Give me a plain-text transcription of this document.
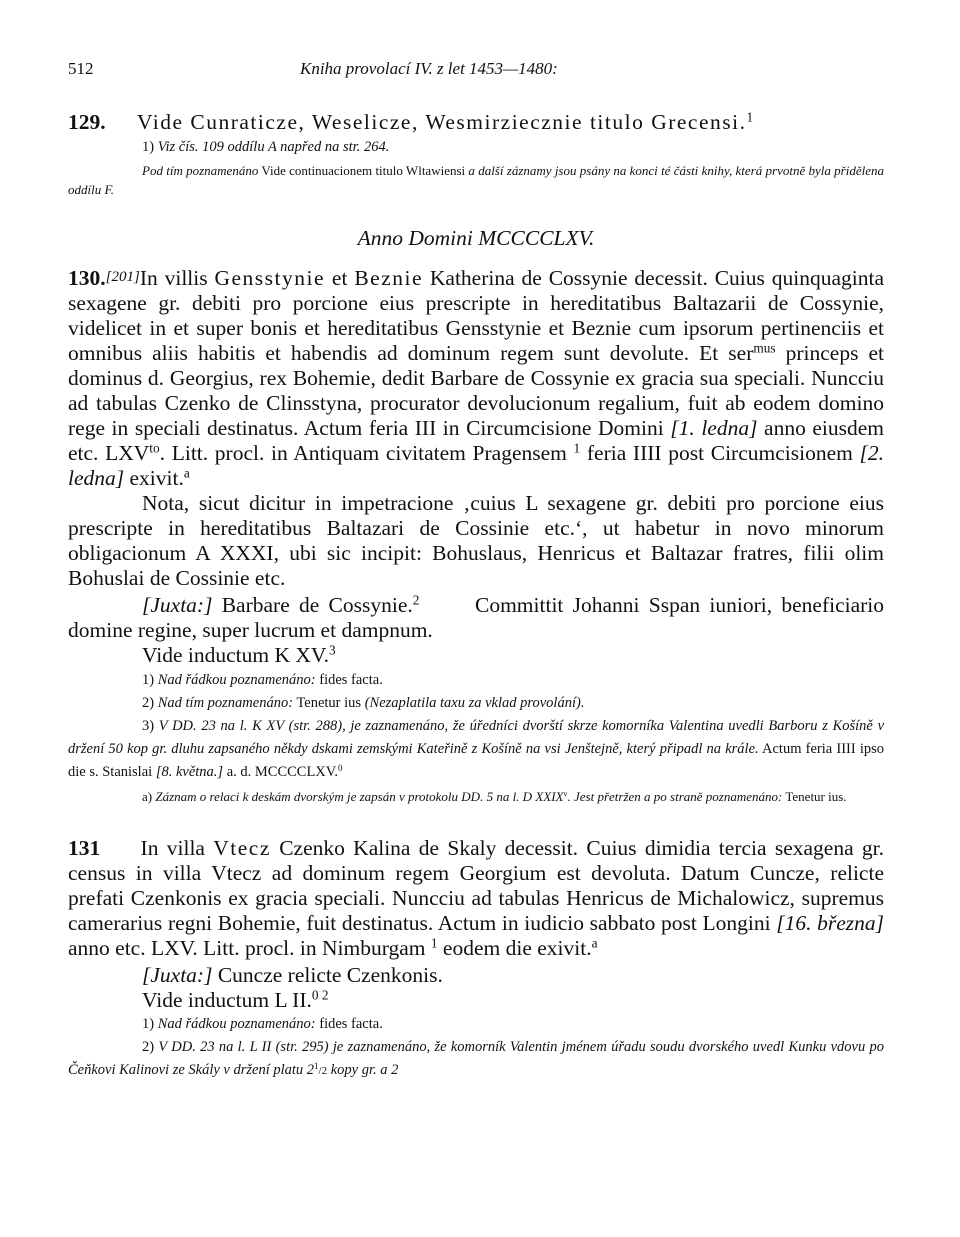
512	Kniha provolací IV. z let 1453—1480:
129. Vide Cunraticze, Weselicze, Wesmirziecznie titulo Grecensi.$^1$
1) Viz čís. 109 oddílu A napřed na str. 264.
Pod tím poznamenáno Vide continuacionem titulo Wltawiensi a další záznamy jsou psány na konci té části knihy, která prvotně byla přidělena oddílu F.
Anno Domini MCCCCLXV.
130.[201]In villis Gensstynie et Beznie Katherina de Cossynie decessit. Cuius quinquaginta sexagene gr. debiti pro porcione eius prescripte in hereditatibus Baltazarii de Cossynie, videlicet in et super bonis et hereditatibus Gensstynie et Beznie cum ipsorum pertinenciis et omnibus aliis habitis et habendis ad dominum regem sunt devolute. Et ser$^{mus}$ princeps et dominus d. Georgius, rex Bohemie, dedit Barbare de Cossynie ex gracia sua speciali. Nuncciu ad tabulas Czenko de Clinsstyna, procurator devolucionum regalium, fuit ab eodem domino rege in speciali destinatus. Actum feria III in Circumcisione Domini [1. ledna] anno eiusdem etc. $LXV^{to}$. Litt. procl. in Antiquam civitatem Pragensem $^1$ feria IIII post Circumcisionem [2. ledna] exivit.$^a$
Nota, sicut dicitur in impetracione ‚cuius L sexagene gr. debiti pro porcione eius prescripte in hereditatibus Baltazari de Cossinie etc.‘, ut habetur in novo minorum obligacionum A XXXI, ubi sic incipit: Bohuslaus, Henricus et Baltazar fratres, filii olim Bohuslai de Cossinie etc.
[Juxta:] Barbare de Cossynie.$^2$	Committit Johanni Sspan iuniori, beneficiario domine regine, super lucrum et dampnum.
Vide inductum K XV.$^3$
1) Nad řádkou poznamenáno: fides facta.
2) Nad tím poznamenáno: Tenetur ius (Nezaplatila taxu za vklad provolání).
3) V DD. 23 na l. K XV (str. 288), je zaznamenáno, že úředníci dvorští skrze komorníka Valentina uvedli Barboru z Košíně v držení 50 kop gr. dluhu zapsaného někdy dskami zemskými Kateřině z Košíně na vsi Jenštejně, který připadl na krále. Actum feria IIII ipso die s. Stanislai [8. května.] a. d. MCCCCLXV.$^0$
a) Záznam o relaci k deskám dvorským je zapsán v protokolu DD. 5 na l. D XXIX$^v$. Jest přetržen a po straně poznamenáno: Tenetur ius.
131 In villa Vtecz Czenko Kalina de Skaly decessit. Cuius dimidia tercia sexagena gr. census in villa Vtecz ad dominum regem Georgium est devoluta. Datum Cuncze, relicte prefati Czenkonis ex gracia speciali. Nuncciu ad tabulas Henricus de Michalowicz, supremus camerarius regni Bohemie, fuit destinatus. Actum in iudicio sabbato post Longini [16. března] anno etc. LXV. Litt. procl. in Nimburgam $^1$ eodem die exivit.$^a$
[Juxta:] Cuncze relicte Czenkonis.
Vide inductum L II.$^{0 2}$
1) Nad řádkou poznamenáno: fides facta.
2) V DD. 23 na l. L II (str. 295) je zaznamenáno, že komorník Valentin jménem úřadu soudu dvorského uvedl Kunku vdovu po Čeňkovi Kalinovi ze Skály v držení platu $2^1/2$ kopy gr. a 2
